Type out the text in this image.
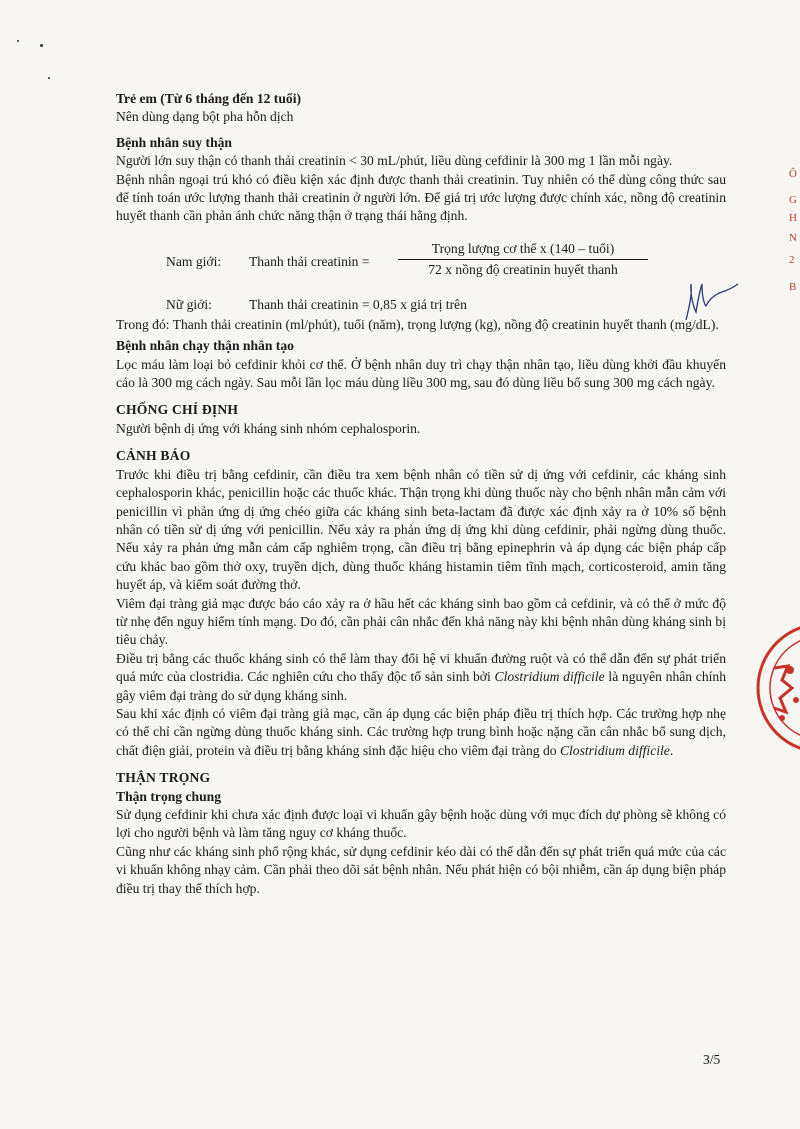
Trẻ em (Từ 6 tháng đến 12 tuổi)

Nên dùng dạng bột pha hỗn dịch

Bệnh nhân suy thận

Người lớn suy thận có thanh thải creatinin < 30 mL/phút, liều dùng cefdinir là 300 mg 1 lần mỗi ngày.

Bệnh nhân ngoại trú khó có điều kiện xác định được thanh thải creatinin. Tuy nhiên có thể dùng công thức sau để tính toán ước lượng thanh thải creatinin ở người lớn. Để giá trị ước lượng được chính xác, nồng độ creatinin huyết thanh cần phản ánh chức năng thận ở trạng thái hằng định.

Nam giới: Thanh thải creatinin =
Trọng lượng cơ thể x (140 – tuổi)
72 x nồng độ creatinin huyết thanh
Nữ giới:	Thanh thải creatinin = 0,85 x giá trị trên

Trong đó: Thanh thải creatinin (ml/phút), tuổi (năm), trọng lượng (kg), nồng độ creatinin huyết thanh (mg/dL).

Bệnh nhân chạy thận nhân tạo

Lọc máu làm loại bỏ cefdinir khỏi cơ thể. Ở bệnh nhân duy trì chạy thận nhân tạo, liều dùng khởi đầu khuyến cáo là 300 mg cách ngày. Sau mỗi lần lọc máu dùng liều 300 mg, sau đó dùng liều bổ sung 300 mg cách ngày.

CHỐNG CHỈ ĐỊNH

Người bệnh dị ứng với kháng sinh nhóm cephalosporin.

CẢNH BÁO

Trước khi điều trị bằng cefdinir, cần điều tra xem bệnh nhân có tiền sử dị ứng với cefdinir, các kháng sinh cephalosporin khác, penicillin hoặc các thuốc khác. Thận trọng khi dùng thuốc này cho bệnh nhân mẫn cảm với penicillin vì phản ứng dị ứng chéo giữa các kháng sinh beta-lactam đã được xác định xảy ra ở 10% số bệnh nhân có tiền sử dị ứng với penicillin. Nếu xảy ra phản ứng dị ứng khi dùng cefdinir, phải ngừng dùng thuốc. Nếu xảy ra phản ứng mẫn cảm cấp nghiêm trọng, cần điều trị bằng epinephrin và áp dụng các biện pháp cấp cứu khác bao gồm thở oxy, truyền dịch, dùng thuốc kháng histamin tiêm tĩnh mạch, corticosteroid, amin tăng huyết áp, và kiểm soát đường thở.

Viêm đại tràng giả mạc được báo cáo xảy ra ở hầu hết các kháng sinh bao gồm cả cefdinir, và có thể ở mức độ từ nhẹ đến nguy hiểm tính mạng. Do đó, cần phải cân nhắc đến khả năng này khi bệnh nhân dùng kháng sinh bị tiêu chảy.

Điều trị bằng các thuốc kháng sinh có thể làm thay đổi hệ vi khuẩn đường ruột và có thể dẫn đến sự phát triển quá mức của clostridia. Các nghiên cứu cho thấy độc tố sản sinh bởi Clostridium difficile là nguyên nhân chính gây viêm đại tràng do sử dụng kháng sinh.

Sau khi xác định có viêm đại tràng giả mạc, cần áp dụng các biện pháp điều trị thích hợp. Các trường hợp nhẹ có thể chỉ cần ngừng dùng thuốc kháng sinh. Các trường hợp trung bình hoặc nặng cần cân nhắc bổ sung dịch, chất điện giải, protein và điều trị bằng kháng sinh đặc hiệu cho viêm đại tràng do Clostridium difficile.

THẬN TRỌNG

Thận trọng chung

Sử dụng cefdinir khi chưa xác định được loại vi khuẩn gây bệnh hoặc dùng với mục đích dự phòng sẽ không có lợi cho người bệnh và làm tăng nguy cơ kháng thuốc.

Cũng như các kháng sinh phổ rộng khác, sử dụng cefdinir kéo dài có thể dẫn đến sự phát triển quá mức của các vi khuẩn không nhạy cảm. Cần phải theo dõi sát bệnh nhân. Nếu phát hiện có bội nhiễm, cần áp dụng biện pháp điều trị thay thế thích hợp.

Ô
G
H
N
2
B
3/5
